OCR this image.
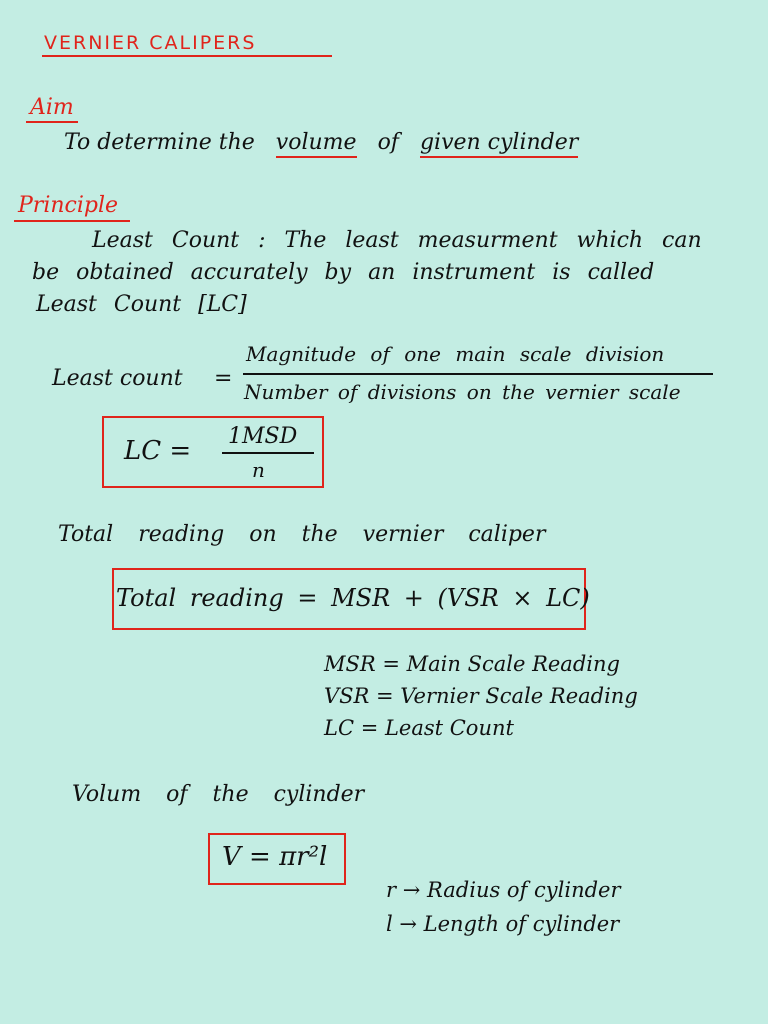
VERNIER CALIPERS
Aim
To determine the volume of given cylinder
Principle
Least Count : The least measurment which can
be obtained accurately by an instrument is called
Least Count [LC]
Least count =
Magnitude of one main scale division
Number of divisions on the vernier scale
LC = 1MSD
n
Total reading on the vernier caliper
Total reading = MSR + (VSR × LC)
MSR = Main Scale Reading
VSR = Vernier Scale Reading
LC = Least Count
Volum of the cylinder
V = πr²l
r → Radius of cylinder
l → Length of cylinder
